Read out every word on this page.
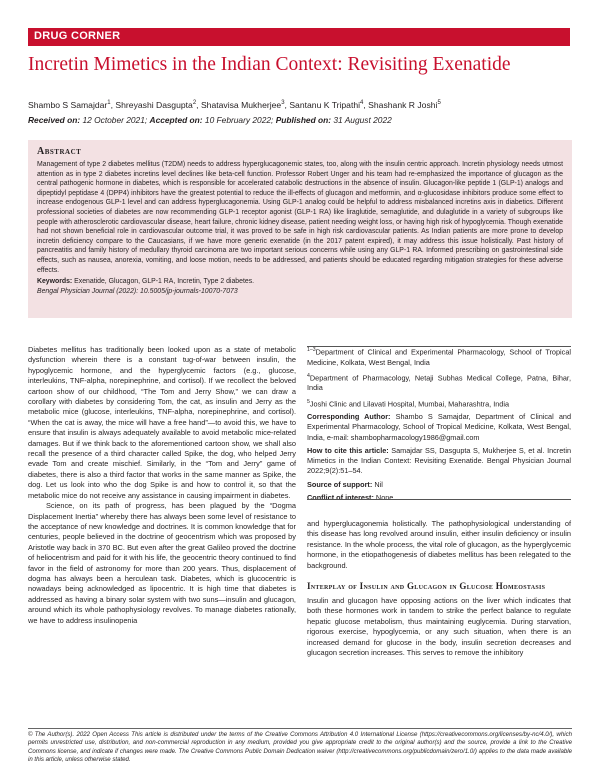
DRUG CORNER
Incretin Mimetics in the Indian Context: Revisiting Exenatide
Shambo S Samajdar$^1$, Shreyashi Dasgupta$^2$, Shatavisa Mukherjee$^3$, Santanu K Tripathi$^4$, Shashank R Joshi$^5$
Received on: 12 October 2021; Accepted on: 10 February 2022; Published on: 31 August 2022
Abstract
Management of type 2 diabetes mellitus (T2DM) needs to address hyperglucagonemic states, too, along with the insulin centric approach. Incretin physiology needs utmost attention as in type 2 diabetes incretins level declines like beta-cell function. Professor Robert Unger and his team had re-emphasized the importance of glucagon as the central pathogenic hormone in diabetes, which is responsible for accelerated catabolic destructions in the absence of insulin. Glucagon-like peptide 1 (GLP-1) analogs and dipeptidyl peptidase 4 (DPP4) inhibitors have the greatest potential to reduce the ill-effects of glucagon and metformin, and α-glucosidase inhibitors produce some effect to increase endogenous GLP-1 level and can address hyperglucagonemia. Using GLP-1 analog could be helpful to address misbalanced incretins axis in diabetics. Different professional societies of diabetes are now recommending GLP-1 receptor agonist (GLP-1 RA) like liraglutide, semaglutide, and dulaglutide in a variety of subgroups like people with atherosclerotic cardiovascular disease, heart failure, chronic kidney disease, patient needing weight loss, or having high risk of hypoglycemia. Though exenatide had not shown beneficial role in cardiovascular outcome trial, it was proved to be safe in high risk cardiovascular patients. As Indian patients are more prone to develop incretin deficiency compare to the Caucasians, if we have more generic exenatide (in the 2017 patent expired), it may address this issue holistically. Past history of pancreatitis and family history of medullary thyroid carcinoma are two important serious concerns while using any GLP-1 RA. Informed prescribing on gastrointestinal side effects, such as nausea, anorexia, vomiting, and loose motion, needs to be addressed, and patients should be educated regarding mitigation strategies for these adverse effects.
Keywords: Exenatide, Glucagon, GLP-1 RA, Incretin, Type 2 diabetes.
Bengal Physician Journal (2022): 10.5005/jp-journals-10070-7073

Diabetes mellitus has traditionally been looked upon as a state of metabolic dysfunction wherein there is a constant tug-of-war between insulin, the hypoglycemic hormone, and the hyperglycemic factors (e.g., glucose, interleukins, TNF-alpha, norepinephrine, and cortisol). If we recollect the beloved cartoon show of our childhood, “The Tom and Jerry Show,” we can draw a corollary with diabetes by considering Tom, the cat, as insulin and Jerry as the metabolic mice (glucose, interleukins, TNF-alpha, norepinephrine, and cortisol). “When the cat is away, the mice will have a free hand”—to avoid this, we have to ensure that insulin is always adequately available to avoid metabolic mice-related damages. But if we think back to the aforementioned cartoon show, we shall also recall the presence of a third character called Spike, the dog, who helped Jerry evade Tom and create mischief. Similarly, in the “Tom and Jerry” game of diabetes, there is also a third factor that works in the same manner as Spike, the dog. Let us look into who the dog Spike is and how to control it, so that the metabolic mice do not receive any assistance in causing impairment in diabetes.

Science, on its path of progress, has been plagued by the “Dogma Displacement Inertia” whereby there has always been some level of resistance to the acceptance of new knowledge and doctrines. It is common knowledge that for centuries, people believed in the doctrine of geocentrism which was proposed by Aristotle way back in 370 BC. But even after the great Galileo proved the doctrine of heliocentrism and paid for it with his life, the geocentric theory continued to find favor in the field of astronomy for more than 200 years. Thus, displacement of dogma has always been a herculean task. Diabetes, which is glucocentric is nowadays being acknowledged as lipocentric. It is high time that diabetes is addressed as having a binary solar system with two suns—insulin and glucagon, around which its whole pathophysiology revolves. To manage diabetes rationally, we have to address insulinopenia

$^{1-3}$Department of Clinical and Experimental Pharmacology, School of Tropical Medicine, Kolkata, West Bengal, India
$^4$Department of Pharmacology, Netaji Subhas Medical College, Patna, Bihar, India
$^5$Joshi Clinic and Lilavati Hospital, Mumbai, Maharashtra, India
Corresponding Author: Shambo S Samajdar, Department of Clinical and Experimental Pharmacology, School of Tropical Medicine, Kolkata, West Bengal, India, e-mail: shambopharmacology1986@gmail.com
How to cite this article: Samajdar SS, Dasgupta S, Mukherjee S, et al. Incretin Mimetics in the Indian Context: Revisiting Exenatide. Bengal Physician Journal 2022;9(2):51–54.
Source of support: Nil
Conflict of interest: None

and hyperglucagonemia holistically. The pathophysiological understanding of this disease has long revolved around insulin, either insulin deficiency or insulin resistance. In the whole process, the vital role of glucagon, as the hyperglycemic hormone, in the etiopathogenesis of diabetes mellitus has been relegated to the background.

Interplay of Insulin and Glucagon in Glucose Homeostasis

Insulin and glucagon have opposing actions on the liver which indicates that both these hormones work in tandem to strike the perfect balance to regulate hepatic glucose metabolism, thus maintaining euglycemia. During starvation, rigorous exercise, hypoglycemia, or any such situation, when there is an increased demand for glucose in the body, insulin secretion decreases and glucagon secretion increases. This serves to remove the inhibitory

© The Author(s). 2022 Open Access This article is distributed under the terms of the Creative Commons Attribution 4.0 International License (https://creativecommons.org/licenses/by-nc/4.0/), which permits unrestricted use, distribution, and non-commercial reproduction in any medium, provided you give appropriate credit to the original author(s) and the source, provide a link to the Creative Commons license, and indicate if changes were made. The Creative Commons Public Domain Dedication waiver (http://creativecommons.org/publicdomain/zero/1.0/) applies to the data made available in this article, unless otherwise stated.
